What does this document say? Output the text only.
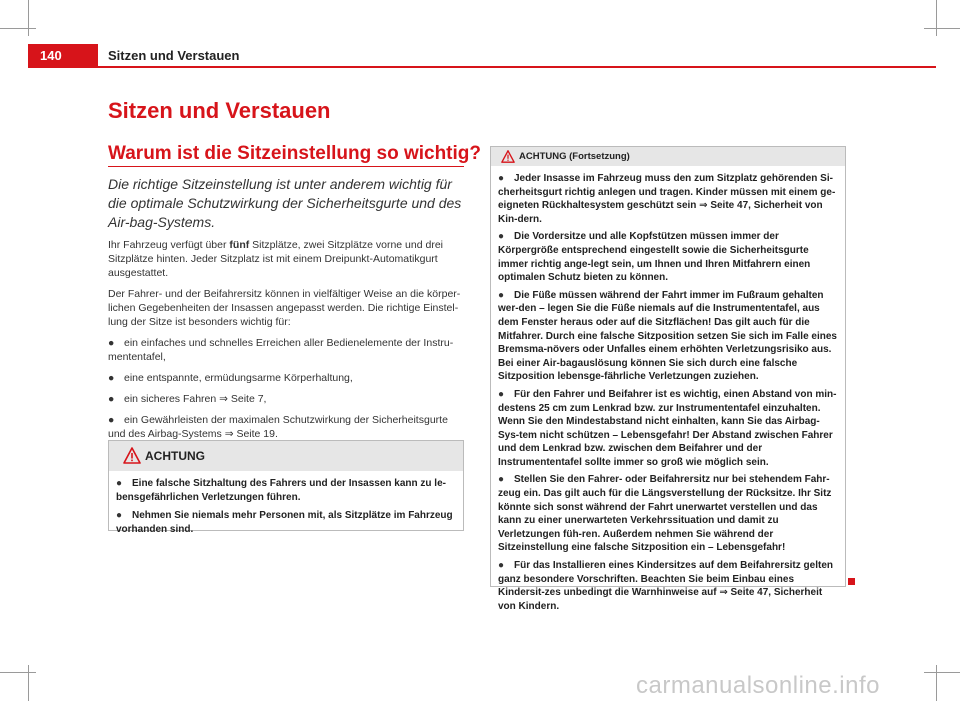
140	Sitzen und Verstauen
Sitzen und Verstauen
Warum ist die Sitzeinstellung so wichtig?
Die richtige Sitzeinstellung ist unter anderem wichtig für die optimale Schutzwirkung der Sicherheitsgurte und des Air-bag-Systems.

Ihr Fahrzeug verfügt über fünf Sitzplätze, zwei Sitzplätze vorne und drei Sitzplätze hinten. Jeder Sitzplatz ist mit einem Dreipunkt-Automatikgurt ausgestattet.

Der Fahrer- und der Beifahrersitz können in vielfältiger Weise an die körper-lichen Gegebenheiten der Insassen angepasst werden. Die richtige Einstel-lung der Sitze ist besonders wichtig für:

● ein einfaches und schnelles Erreichen aller Bedienelemente der Instru-mententafel,

● eine entspannte, ermüdungsarme Körperhaltung,

● ein sicheres Fahren ⇒ Seite 7,

● ein Gewährleisten der maximalen Schutzwirkung der Sicherheitsgurte und des Airbag-Systems ⇒ Seite 19.

ACHTUNG

● Eine falsche Sitzhaltung des Fahrers und der Insassen kann zu le-bensgefährlichen Verletzungen führen.

● Nehmen Sie niemals mehr Personen mit, als Sitzplätze im Fahrzeug vorhanden sind.

ACHTUNG (Fortsetzung)

● Jeder Insasse im Fahrzeug muss den zum Sitzplatz gehörenden Si-cherheitsgurt richtig anlegen und tragen. Kinder müssen mit einem ge-eigneten Rückhaltesystem geschützt sein ⇒ Seite 47, Sicherheit von Kin-dern.

● Die Vordersitze und alle Kopfstützen müssen immer der Körpergröße entsprechend eingestellt sowie die Sicherheitsgurte immer richtig ange-legt sein, um Ihnen und Ihren Mitfahrern einen optimalen Schutz bieten zu können.

● Die Füße müssen während der Fahrt immer im Fußraum gehalten wer-den – legen Sie die Füße niemals auf die Instrumententafel, aus dem Fenster heraus oder auf die Sitzflächen! Das gilt auch für die Mitfahrer. Durch eine falsche Sitzposition setzen Sie sich im Falle eines Bremsma-növers oder Unfalles einem erhöhten Verletzungsrisiko aus. Bei einer Air-bagauslösung können Sie sich durch eine falsche Sitzposition lebensge-fährliche Verletzungen zuziehen.

● Für den Fahrer und Beifahrer ist es wichtig, einen Abstand von min-destens 25 cm zum Lenkrad bzw. zur Instrumententafel einzuhalten. Wenn Sie den Mindestabstand nicht einhalten, kann Sie das Airbag-Sys-tem nicht schützen – Lebensgefahr! Der Abstand zwischen Fahrer und dem Lenkrad bzw. zwischen dem Beifahrer und der Instrumententafel sollte immer so groß wie möglich sein.

● Stellen Sie den Fahrer- oder Beifahrersitz nur bei stehendem Fahr-zeug ein. Das gilt auch für die Längsverstellung der Rücksitze. Ihr Sitz könnte sich sonst während der Fahrt unerwartet verstellen und das kann zu einer unerwarteten Verkehrssituation und damit zu Verletzungen füh-ren. Außerdem nehmen Sie während der Sitzeinstellung eine falsche Sitzposition ein – Lebensgefahr!

● Für das Installieren eines Kindersitzes auf dem Beifahrersitz gelten ganz besondere Vorschriften. Beachten Sie beim Einbau eines Kindersit-zes unbedingt die Warnhinweise auf ⇒ Seite 47, Sicherheit von Kindern.

carmanualsonline.info
